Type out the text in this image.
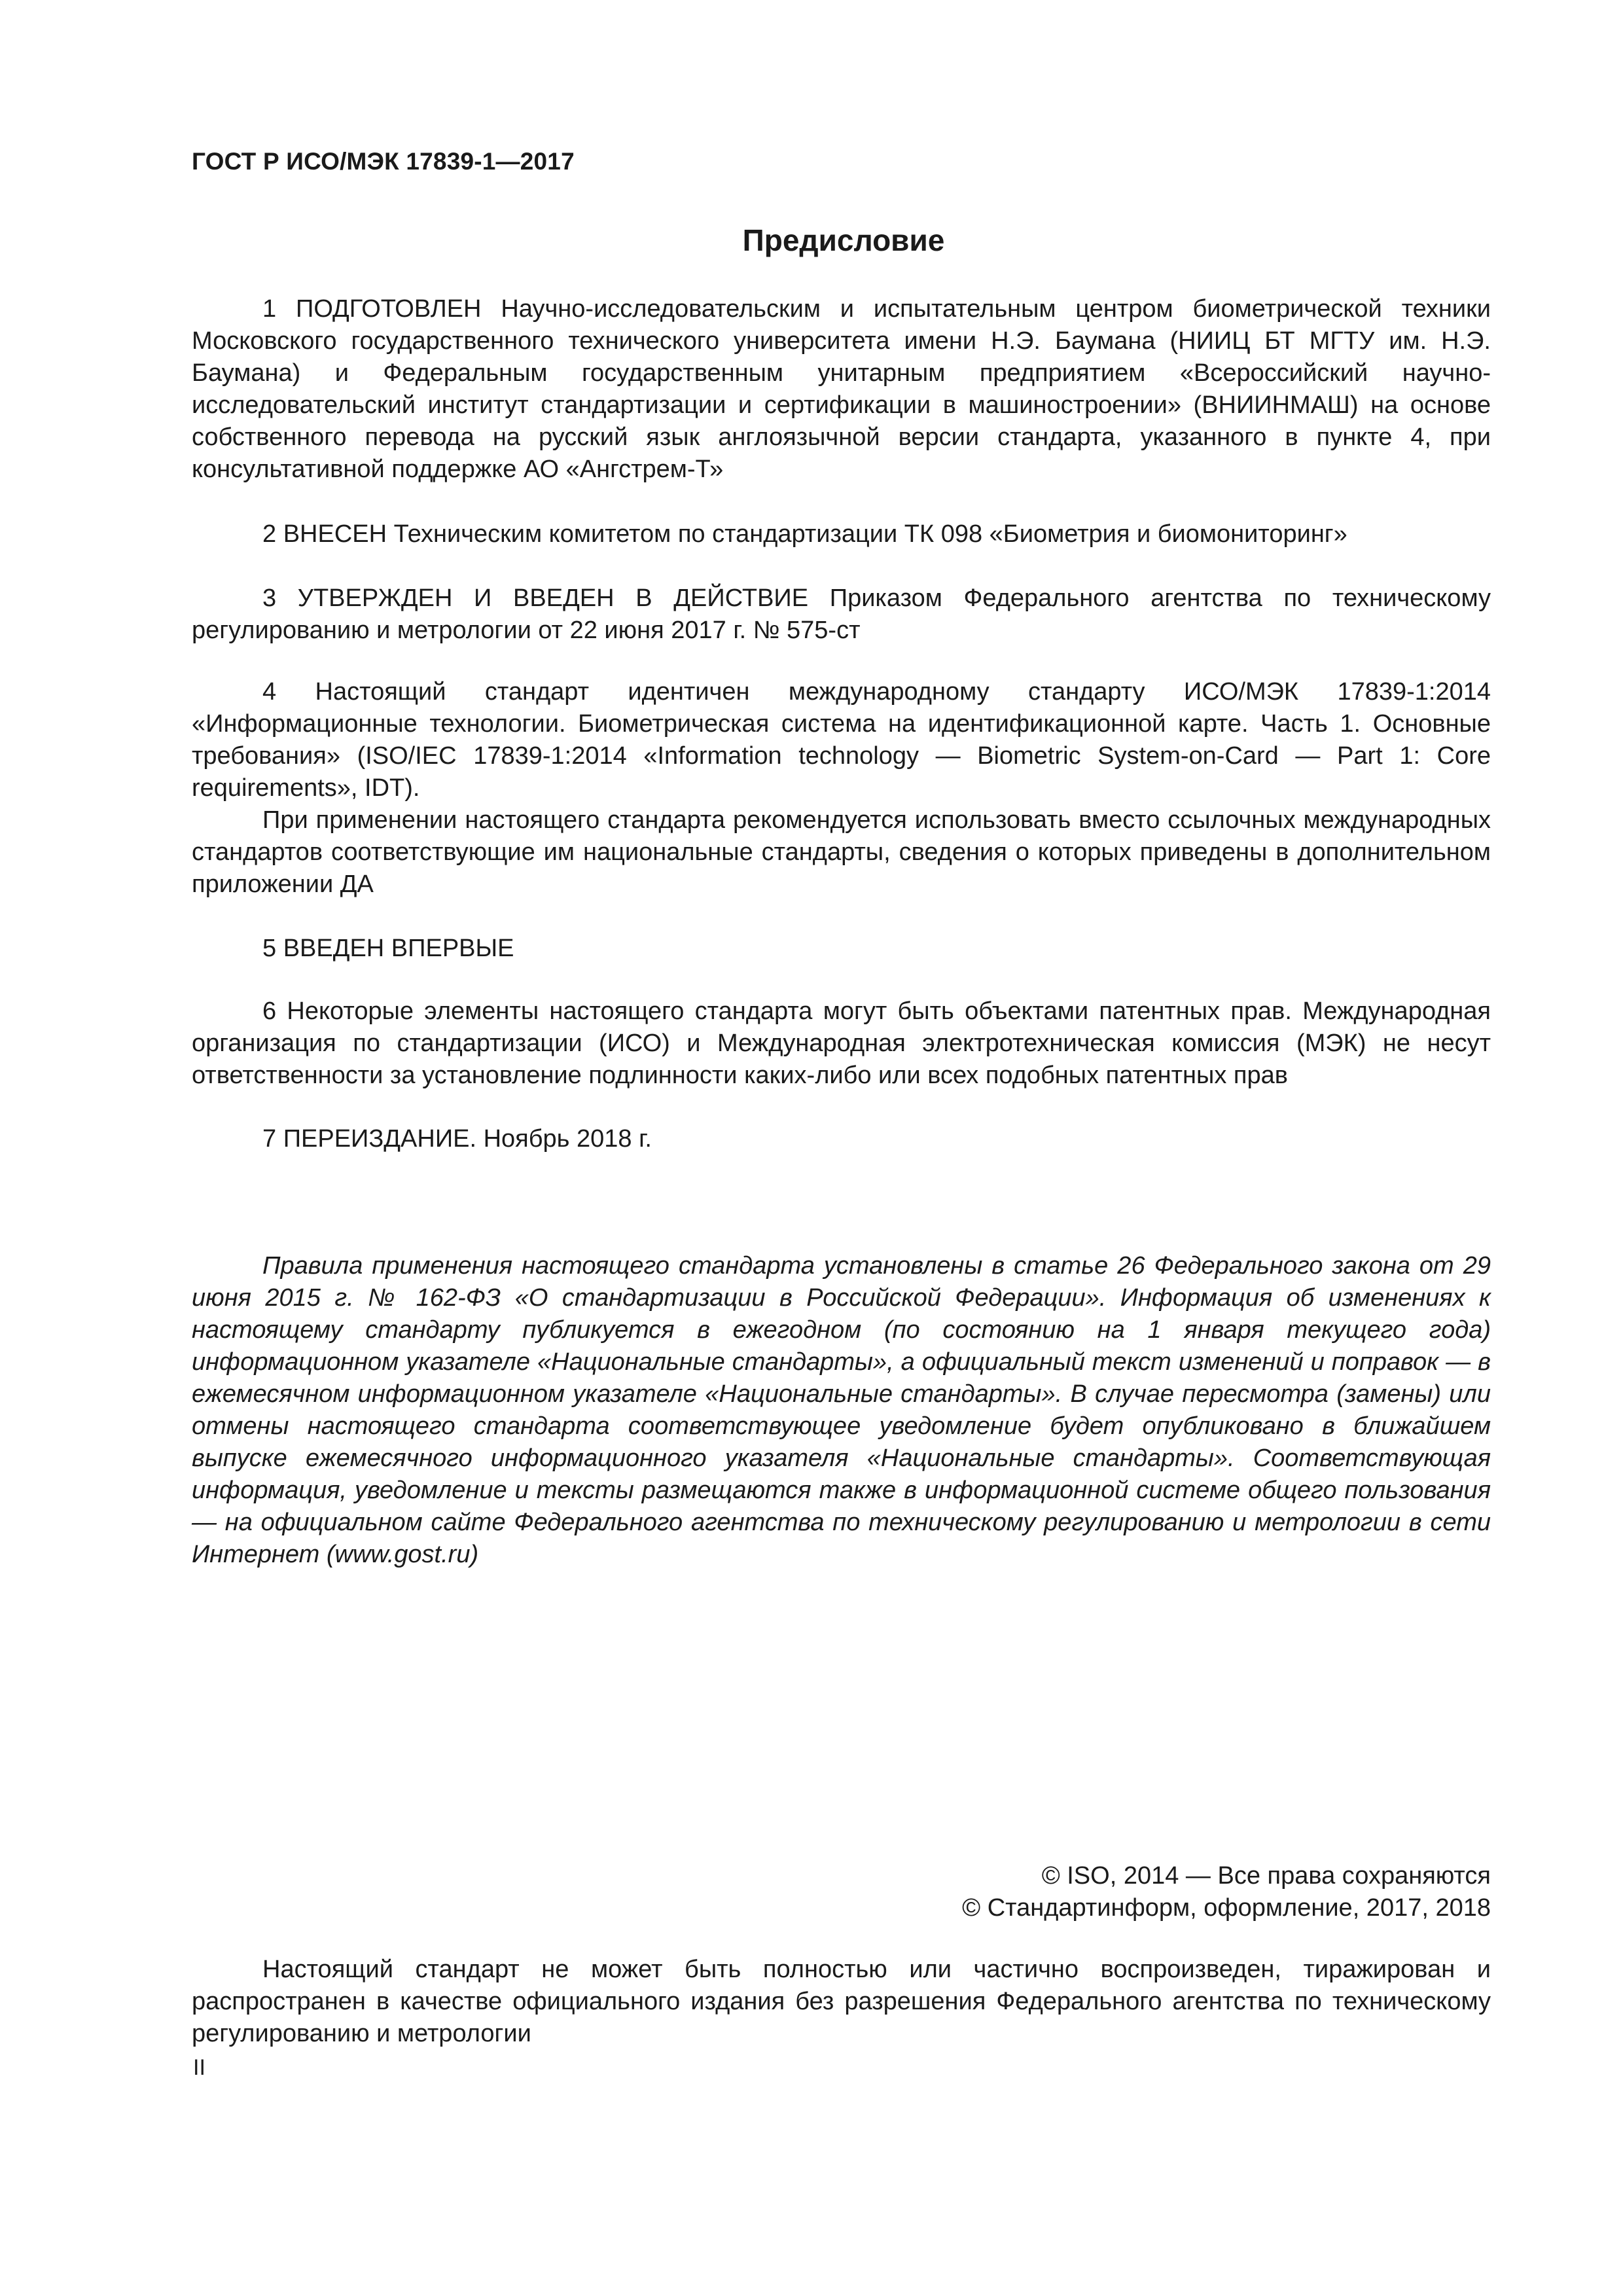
ГОСТ Р ИСО/МЭК 17839-1—2017
Предисловие

1 ПОДГОТОВЛЕН Научно-исследовательским и испытательным центром биометрической техники Московского государственного технического университета имени Н.Э. Баумана (НИИЦ БТ МГТУ им. Н.Э. Баумана) и Федеральным государственным унитарным предприятием «Всероссийский научно-исследовательский институт стандартизации и сертификации в машиностроении» (ВНИИНМАШ) на основе собственного перевода на русский язык англоязычной версии стандарта, указанного в пункте 4, при консультативной поддержке АО «Ангстрем-Т»

2 ВНЕСЕН Техническим комитетом по стандартизации ТК 098 «Биометрия и биомониторинг»

3 УТВЕРЖДЕН И ВВЕДЕН В ДЕЙСТВИЕ Приказом Федерального агентства по техническому регулированию и метрологии от 22 июня 2017 г. № 575-ст

4 Настоящий стандарт идентичен международному стандарту ИСО/МЭК 17839-1:2014 «Информационные технологии. Биометрическая система на идентификационной карте. Часть 1. Основные требования» (ISO/IEC 17839-1:2014 «Information technology — Biometric System-on-Card — Part 1: Core requirements», IDT).

При применении настоящего стандарта рекомендуется использовать вместо ссылочных международных стандартов соответствующие им национальные стандарты, сведения о которых приведены в дополнительном приложении ДА

5 ВВЕДЕН ВПЕРВЫЕ

6 Некоторые элементы настоящего стандарта могут быть объектами патентных прав. Международная организация по стандартизации (ИСО) и Международная электротехническая комиссия (МЭК) не несут ответственности за установление подлинности каких-либо или всех подобных патентных прав

7 ПЕРЕИЗДАНИЕ. Ноябрь 2018 г.

Правила применения настоящего стандарта установлены в статье 26 Федерального закона от 29 июня 2015 г. № 162-ФЗ «О стандартизации в Российской Федерации». Информация об изменениях к настоящему стандарту публикуется в ежегодном (по состоянию на 1 января текущего года) информационном указателе «Национальные стандарты», а официальный текст изменений и поправок — в ежемесячном информационном указателе «Национальные стандарты». В случае пересмотра (замены) или отмены настоящего стандарта соответствующее уведомление будет опубликовано в ближайшем выпуске ежемесячного информационного указателя «Национальные стандарты». Соответствующая информация, уведомление и тексты размещаются также в информационной системе общего пользования — на официальном сайте Федерального агентства по техническому регулированию и метрологии в сети Интернет (www.gost.ru)

© ISO, 2014 — Все права сохраняются
© Стандартинформ, оформление, 2017, 2018

Настоящий стандарт не может быть полностью или частично воспроизведен, тиражирован и распространен в качестве официального издания без разрешения Федерального агентства по техническому регулированию и метрологии

II
